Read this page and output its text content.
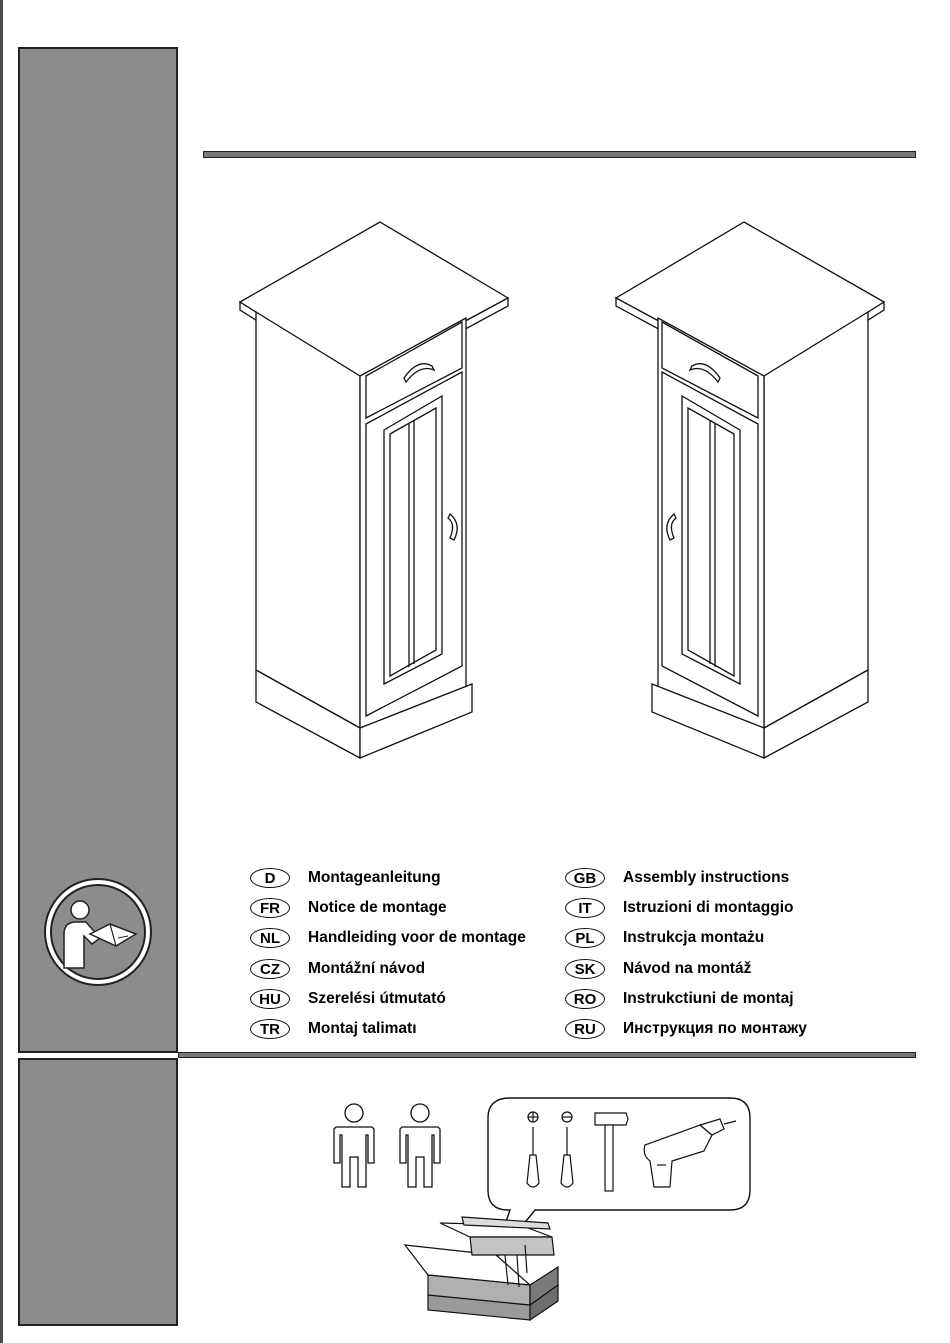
D	Montageanleitung
FR	Notice de montage
NL	Handleiding voor de montage
CZ	Montážní návod
HU	Szerelési útmutató
TR	Montaj talimatı
GB	Assembly instructions
IT	Istruzioni di montaggio
PL	Instrukcja montażu
SK	Návod na montáž
RO	Instrukctiuni de montaj
RU	Инструкция по монтажу
